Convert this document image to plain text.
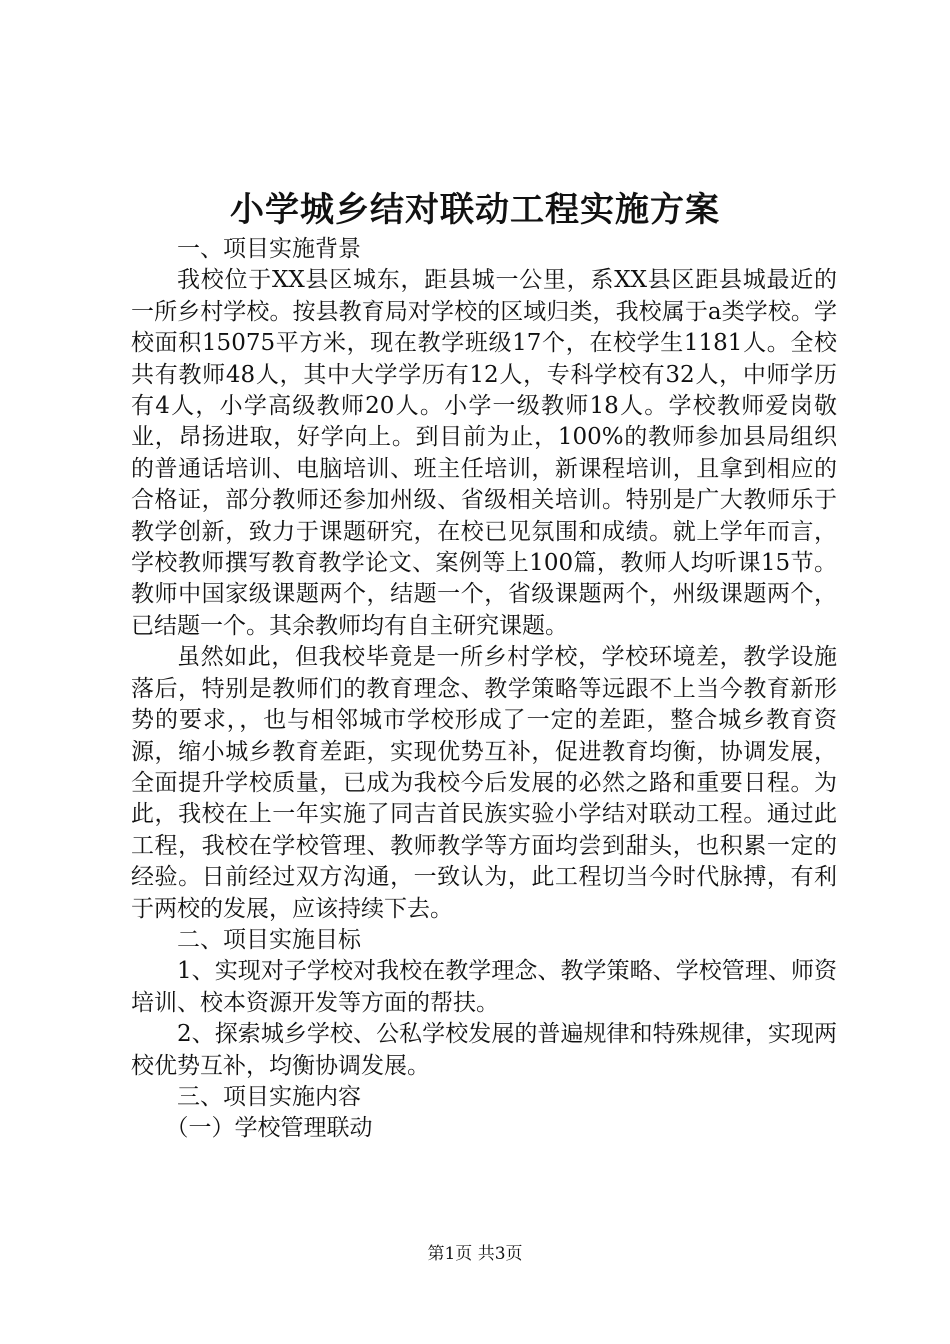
小学城乡结对联动工程实施方案

一、项目实施背景

我校位于XX县区城东，距县城一公里，系XX县区距县城最近的一所乡村学校。按县教育局对学校的区域归类，我校属于a类学校。学校面积15075平方米，现在教学班级17个，在校学生1181人。全校共有教师48人，其中大学学历有12人，专科学校有32人，中师学历有4人，小学高级教师20人。小学一级教师18人。学校教师爱岗敬业，昂扬进取，好学向上。到目前为止，100%的教师参加县局组织的普通话培训、电脑培训、班主任培训，新课程培训，且拿到相应的合格证，部分教师还参加州级、省级相关培训。特别是广大教师乐于教学创新，致力于课题研究，在校已见氛围和成绩。就上学年而言，学校教师撰写教育教学论文、案例等上100篇，教师人均听课15节。教师中国家级课题两个，结题一个，省级课题两个，州级课题两个，已结题一个。其余教师均有自主研究课题。

虽然如此，但我校毕竟是一所乡村学校，学校环境差，教学设施落后，特别是教师们的教育理念、教学策略等远跟不上当今教育新形势的要求，，也与相邻城市学校形成了一定的差距，整合城乡教育资源，缩小城乡教育差距，实现优势互补，促进教育均衡，协调发展，全面提升学校质量，已成为我校今后发展的必然之路和重要日程。为此，我校在上一年实施了同吉首民族实验小学结对联动工程。通过此工程，我校在学校管理、教师教学等方面均尝到甜头，也积累一定的经验。日前经过双方沟通，一致认为，此工程切当今时代脉搏，有利于两校的发展，应该持续下去。

二、项目实施目标

1、实现对子学校对我校在教学理念、教学策略、学校管理、师资培训、校本资源开发等方面的帮扶。

2、探索城乡学校、公私学校发展的普遍规律和特殊规律，实现两校优势互补，均衡协调发展。

三、项目实施内容

（一）学校管理联动

第1页 共3页
